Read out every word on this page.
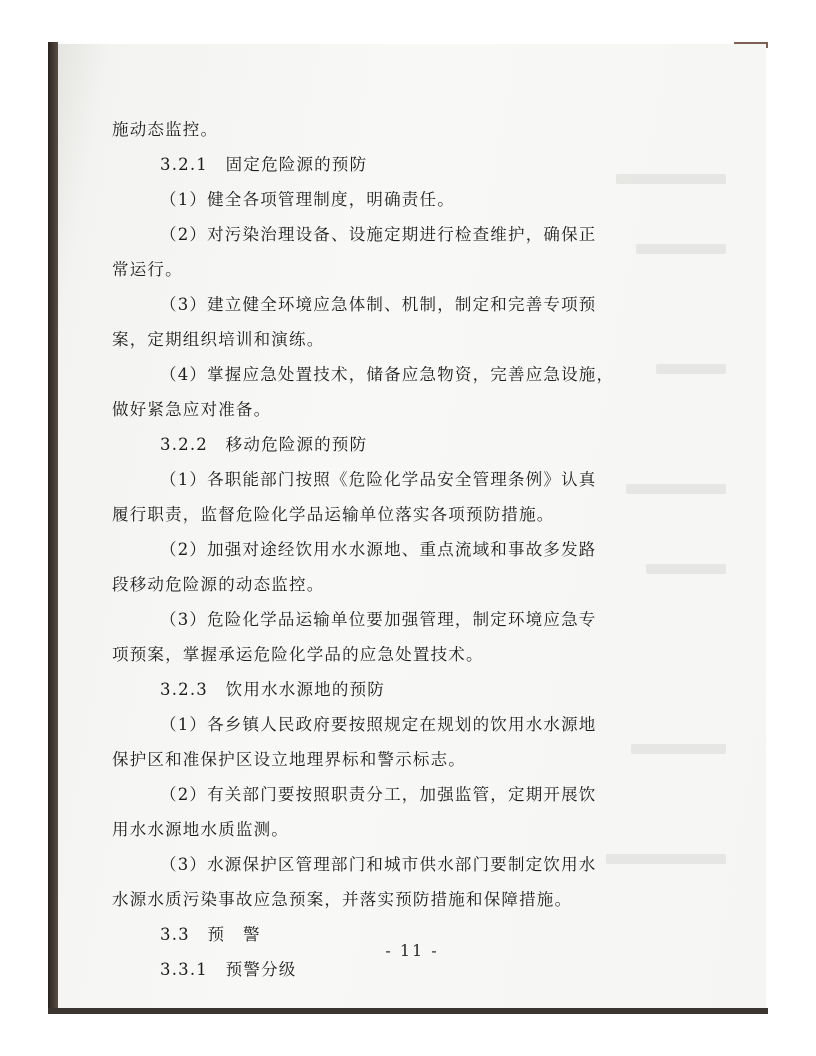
- 11 -
施动态监控。
3.2.1　固定危险源的预防
（1）健全各项管理制度，明确责任。
（2）对污染治理设备、设施定期进行检查维护，确保正
常运行。
（3）建立健全环境应急体制、机制，制定和完善专项预
案，定期组织培训和演练。
（4）掌握应急处置技术，储备应急物资，完善应急设施，
做好紧急应对准备。
3.2.2　移动危险源的预防
（1）各职能部门按照《危险化学品安全管理条例》认真
履行职责，监督危险化学品运输单位落实各项预防措施。
（2）加强对途经饮用水水源地、重点流域和事故多发路
段移动危险源的动态监控。
（3）危险化学品运输单位要加强管理，制定环境应急专
项预案，掌握承运危险化学品的应急处置技术。
3.2.3　饮用水水源地的预防
（1）各乡镇人民政府要按照规定在规划的饮用水水源地
保护区和准保护区设立地理界标和警示标志。
（2）有关部门要按照职责分工，加强监管，定期开展饮
用水水源地水质监测。
（3）水源保护区管理部门和城市供水部门要制定饮用水
水源水质污染事故应急预案，并落实预防措施和保障措施。
3.3　预　警
3.3.1　预警分级
